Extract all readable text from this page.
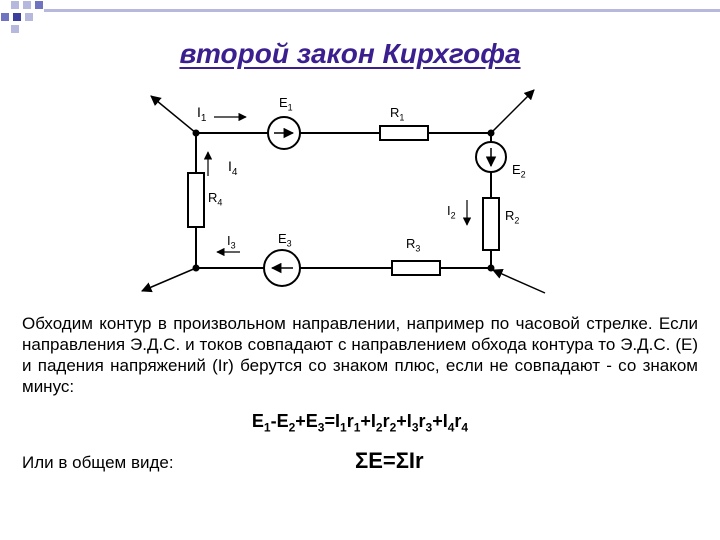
второй закон Кирхгофа
$I_1$
$E_1$	$R_1$
$I_4$	$E_2$
$R_4$
$I_2$	$R_2$
$I_3$	$E_3$	$R_3$
Обходим контур в произвольном направлении, например по часовой стрелке. Если направления Э.Д.С. и токов совпадают с направлением обхода контура то Э.Д.С. (E) и падения напряжений (Ir) берутся со знаком плюс, если не совпадают - со знаком минус:
$E_1-E_2+E_3=I_1r_1+I_2r_2+I_3r_3+I_4r_4$
Или в общем виде:	ΣE=ΣIr
